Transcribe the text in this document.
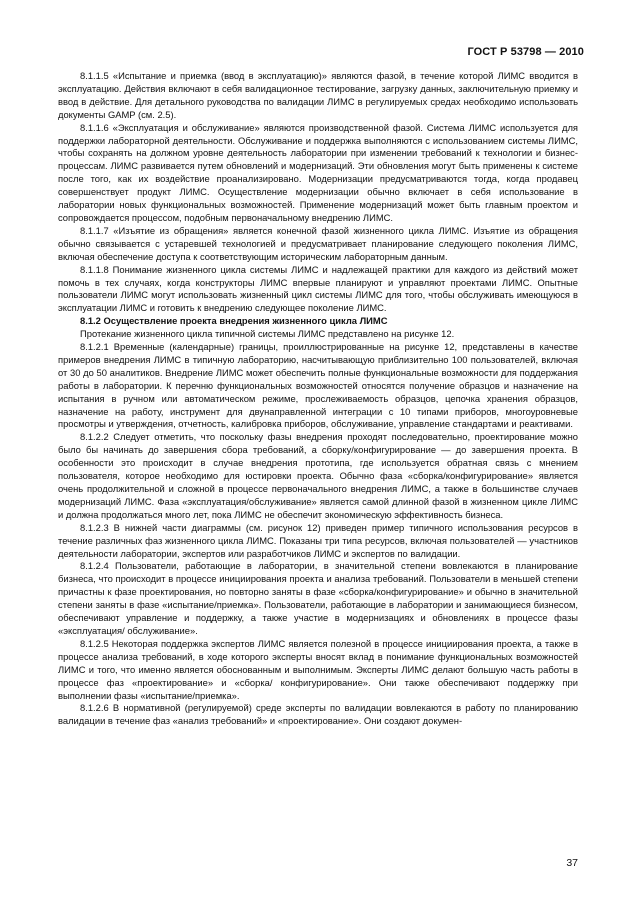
ГОСТ Р 53798 — 2010

8.1.1.5 «Испытание и приемка (ввод в эксплуатацию)» являются фазой, в течение которой ЛИМС вводится в эксплуатацию. Действия включают в себя валидационное тестирование, загрузку данных, заключительную приемку и ввод в действие. Для детального руководства по валидации ЛИМС в регулируемых средах необходимо использовать документы GAMP (см. 2.5).

8.1.1.6 «Эксплуатация и обслуживание» являются производственной фазой. Система ЛИМС используется для поддержки лабораторной деятельности. Обслуживание и поддержка выполняются с использованием системы ЛИМС, чтобы сохранять на должном уровне деятельность лаборатории при изменении требований к технологии и бизнес-процессам. ЛИМС развивается путем обновлений и модернизаций. Эти обновления могут быть применены к системе после того, как их воздействие проанализировано. Модернизации предусматриваются тогда, когда продавец совершенствует продукт ЛИМС. Осуществление модернизации обычно включает в себя использование в лаборатории новых функциональных возможностей. Применение модернизаций может быть главным проектом и сопровождается процессом, подобным первоначальному внедрению ЛИМС.

8.1.1.7 «Изъятие из обращения» является конечной фазой жизненного цикла ЛИМС. Изъятие из обращения обычно связывается с устаревшей технологией и предусматривает планирование следующего поколения ЛИМС, включая обеспечение доступа к соответствующим историческим лабораторным данным.

8.1.1.8 Понимание жизненного цикла системы ЛИМС и надлежащей практики для каждого из действий может помочь в тех случаях, когда конструкторы ЛИМС впервые планируют и управляют проектами ЛИМС. Опытные пользователи ЛИМС могут использовать жизненный цикл системы ЛИМС для того, чтобы обслуживать имеющуюся в эксплуатации ЛИМС и готовить к внедрению следующее поколение ЛИМС.

8.1.2 Осуществление проекта внедрения жизненного цикла ЛИМС

Протекание жизненного цикла типичной системы ЛИМС представлено на рисунке 12.

8.1.2.1 Временные (календарные) границы, проиллюстрированные на рисунке 12, представлены в качестве примеров внедрения ЛИМС в типичную лабораторию, насчитывающую приблизительно 100 пользователей, включая от 30 до 50 аналитиков. Внедрение ЛИМС может обеспечить полные функциональные возможности для поддержания работы в лаборатории. К перечню функциональных возможностей относятся получение образцов и назначение на испытания в ручном или автоматическом режиме, прослеживаемость образцов, цепочка хранения образцов, назначение на работу, инструмент для двунаправленной интеграции с 10 типами приборов, многоуровневые просмотры и утверждения, отчетность, калибровка приборов, обслуживание, управление стандартами и реактивами.

8.1.2.2 Следует отметить, что поскольку фазы внедрения проходят последовательно, проектирование можно было бы начинать до завершения сбора требований, а сборку/конфигурирование — до завершения проекта. В особенности это происходит в случае внедрения прототипа, где используется обратная связь с мнением пользователя, которое необходимо для юстировки проекта. Обычно фаза «сборка/конфигурирование» является очень продолжительной и сложной в процессе первоначального внедрения ЛИМС, а также в большинстве случаев модернизаций ЛИМС. Фаза «эксплуатация/обслуживание» является самой длинной фазой в жизненном цикле ЛИМС и должна продолжаться много лет, пока ЛИМС не обеспечит экономическую эффективность бизнеса.

8.1.2.3 В нижней части диаграммы (см. рисунок 12) приведен пример типичного использования ресурсов в течение различных фаз жизненного цикла ЛИМС. Показаны три типа ресурсов, включая пользователей — участников деятельности лаборатории, экспертов или разработчиков ЛИМС и экспертов по валидации.

8.1.2.4 Пользователи, работающие в лаборатории, в значительной степени вовлекаются в планирование бизнеса, что происходит в процессе инициирования проекта и анализа требований. Пользователи в меньшей степени причастны к фазе проектирования, но повторно заняты в фазе «сборка/конфигурирование» и обычно в значительной степени заняты в фазе «испытание/приемка». Пользователи, работающие в лаборатории и занимающиеся бизнесом, обеспечивают управление и поддержку, а также участие в модернизациях и обновлениях в процессе фазы «эксплуатация/ обслуживание».

8.1.2.5 Некоторая поддержка экспертов ЛИМС является полезной в процессе инициирования проекта, а также в процессе анализа требований, в ходе которого эксперты вносят вклад в понимание функциональных возможностей ЛИМС и того, что именно является обоснованным и выполнимым. Эксперты ЛИМС делают большую часть работы в процессе фаз «проектирование» и «сборка/ конфигурирование». Они также обеспечивают поддержку при выполнении фазы «испытание/приемка».

8.1.2.6 В нормативной (регулируемой) среде эксперты по валидации вовлекаются в работу по планированию валидации в течение фаз «анализ требований» и «проектирование». Они создают докумен-

37
